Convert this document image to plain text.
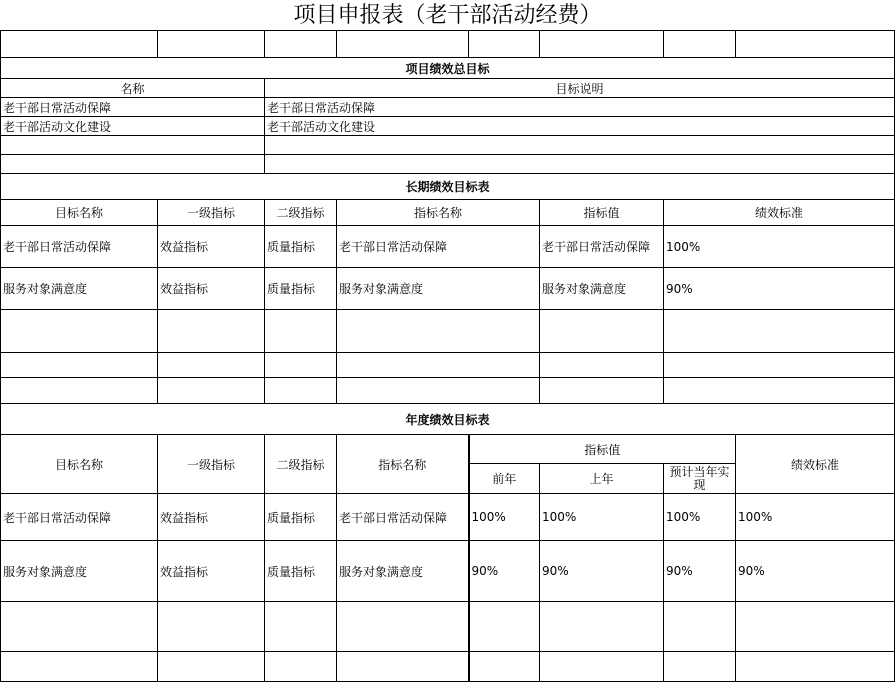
项目申报表（老干部活动经费）

项目绩效总目标							
名称		目标说明					
老干部日常活动保障		老干部日常活动保障					
老干部活动文化建设		老干部活动文化建设					

长期绩效目标表							
目标名称	一级指标	二级指标	指标名称		指标值	绩效标准	
老干部日常活动保障	效益指标	质量指标	老干部日常活动保障		老干部日常活动保障	100%	
服务对象满意度	效益指标	质量指标	服务对象满意度		服务对象满意度	90%	

年度绩效目标表							
目标名称	一级指标	二级指标	指标名称	指标值			绩效标准
				前年	上年	预计当年实现	
老干部日常活动保障	效益指标	质量指标	老干部日常活动保障	100%	100%	100%	100%
服务对象满意度	效益指标	质量指标	服务对象满意度	90%	90%	90%	90%
